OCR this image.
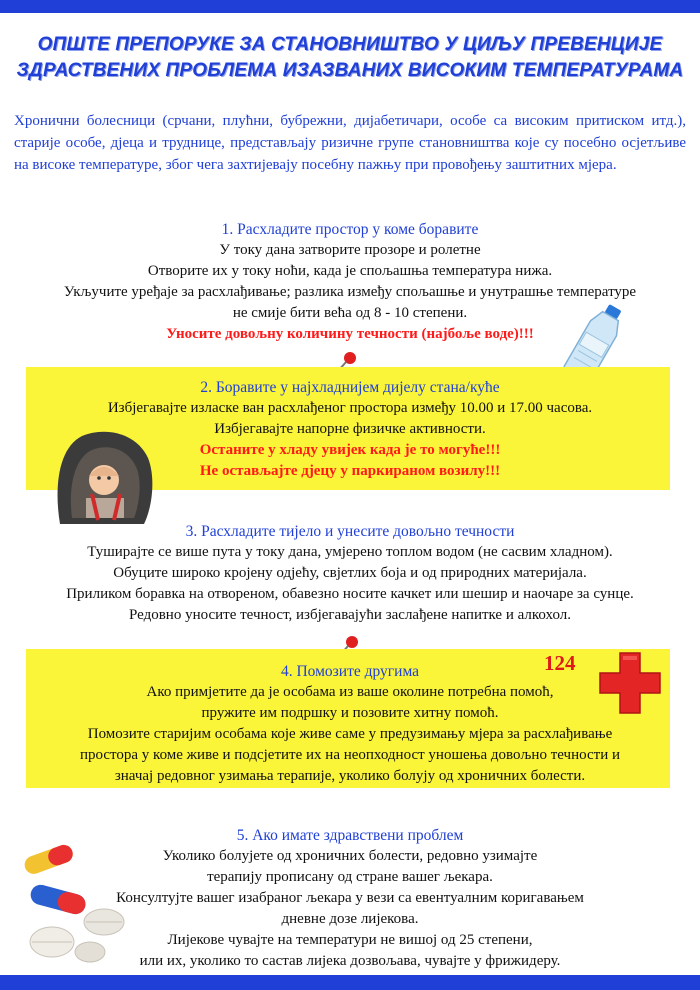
ОПШТЕ ПРЕПОРУКЕ ЗА СТАНОВНИШТВО У ЦИЉУ ПРЕВЕНЦИЈЕ
ЗДРАСТВЕНИХ ПРОБЛЕМА ИЗАЗВАНИХ ВИСОКИМ ТЕМПЕРАТУРАМА
Хронични болесници (срчани, плућни, бубрежни, дијабетичари, особе са високим притиском итд.), старије особе, дјеца и труднице, представљају ризичне групе становништва које су посебно осјетљиве на високе температуре, због чега захтијевају посебну пажњу при провођењу заштитних мјера.
1. Расхладите простор у коме боравите
У току дана затворите прозоре и ролетне
Отворите их у току ноћи, када је спољашња температура нижа.
Укључите уређаје за расхлађивање; разлика између спољашње и унутрашње температуре
не смије бити већа од 8 - 10 степени.
Уносите довољну количину течности (најбоље воде)!!!
2. Боравите у најхладнијем дијелу стана/куће
Избјегавајте изласке ван расхлађеног простора између 10.00 и 17.00 часова.
Избјегавајте напорне физичке активности.
Останите у хладу увијек када је то могуће!!!
Не остављајте дјецу у паркираном возилу!!!
3. Расхладите тијело и унесите довољно течности
Туширајте се више пута у току дана, умјерено топлом водом (не сасвим хладном).
Обуците широко кројену одјећу, свјетлих боја и од природних материјала.
Приликом боравка на отвореном, обавезно носите качкет или шешир и наочаре за сунце.
Редовно уносите течност, избјегавајући заслађене напитке и алкохол.
4. Помозите другима
Ако примјетите да је особама из ваше околине потребна помоћ,
пружите им подршку и позовите хитну помоћ.
Помозите старијим особама које живе саме у предузимању мјера за расхлађивање
простора у коме живе и подсјетите их на неопходност уношења довољно течности и
значај редовног узимања терапије, уколико болују од хроничних болести.
124
5. Ако имате здравствени проблем
Уколико болујете од хроничних болести, редовно узимајте
терапију прописану од стране вашег љекара.
Консултујте вашег изабраног љекара у вези са евентуалним коригавањем
дневне дозе лијекова.
Лијекове чувајте на температури не вишој од 25 степени,
или их, уколико то састав лијека дозвољава, чувајте у фрижидеру.
